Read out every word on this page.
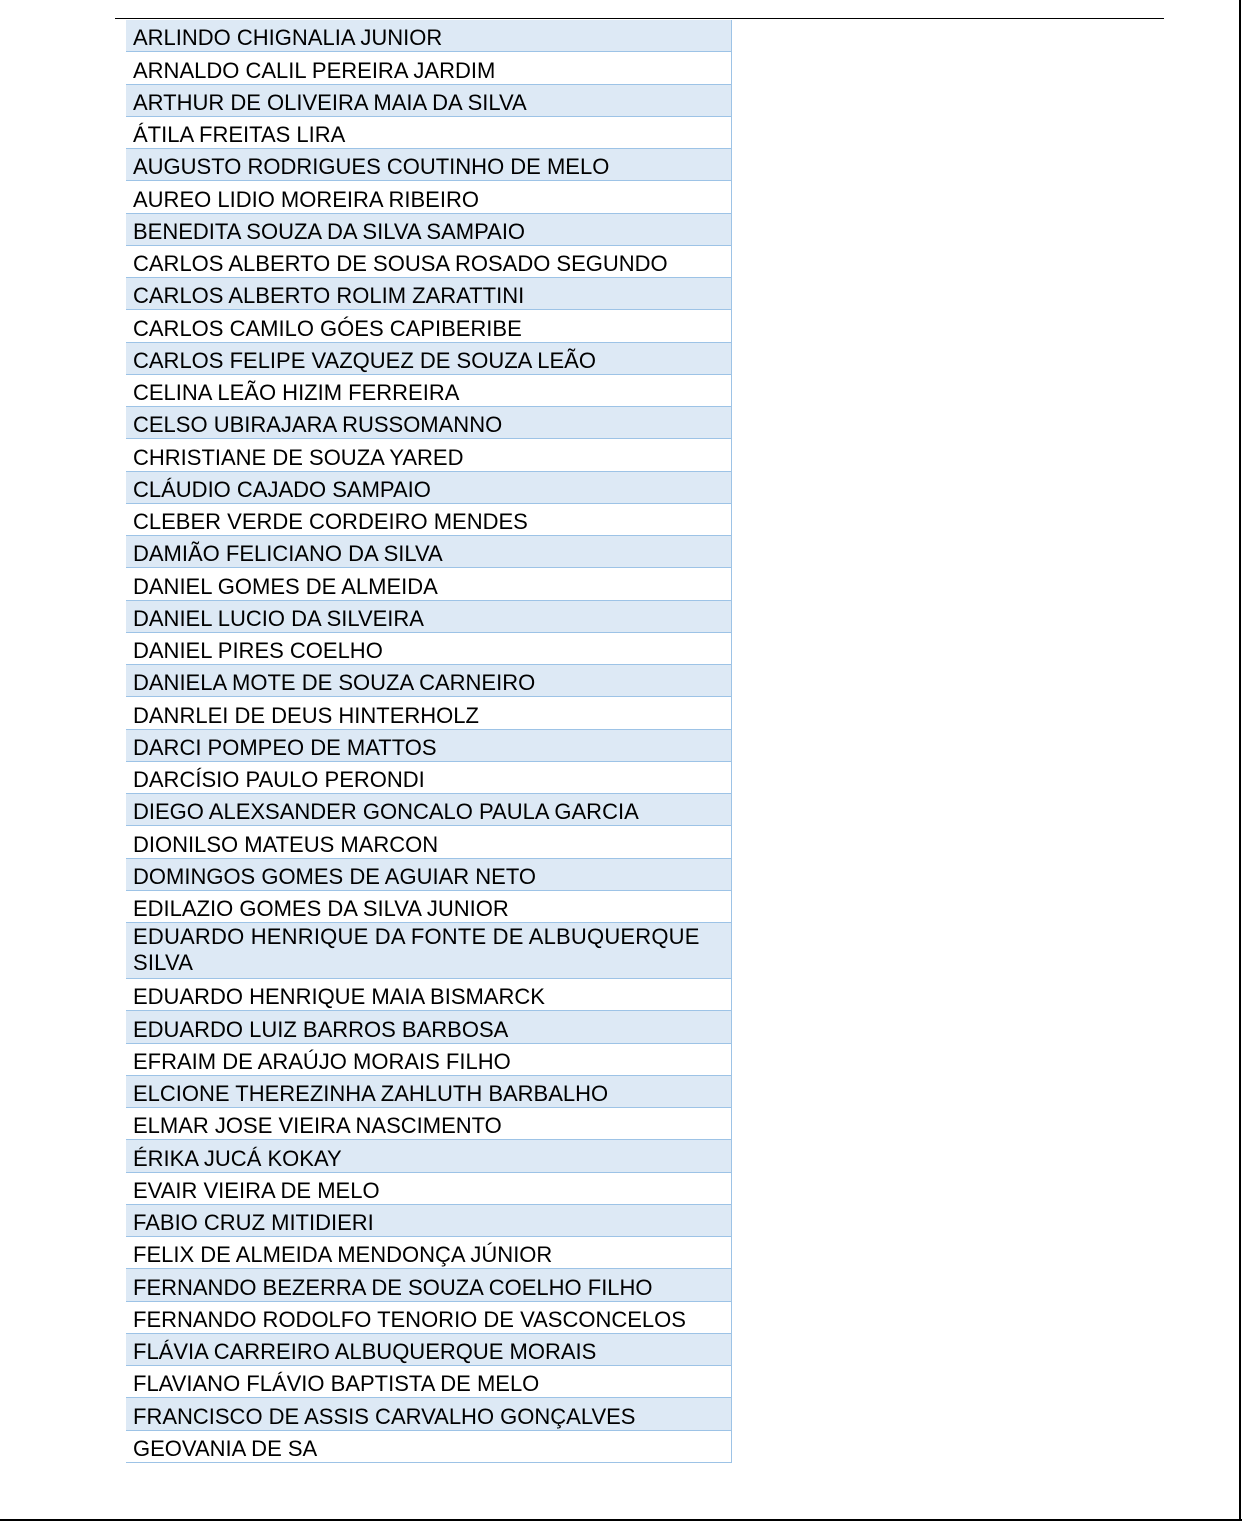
ARLINDO CHIGNALIA JUNIOR
ARNALDO CALIL PEREIRA JARDIM
ARTHUR DE OLIVEIRA MAIA DA SILVA
ÁTILA FREITAS LIRA
AUGUSTO RODRIGUES COUTINHO DE MELO
AUREO LIDIO MOREIRA RIBEIRO
BENEDITA SOUZA DA SILVA SAMPAIO
CARLOS ALBERTO DE SOUSA ROSADO SEGUNDO
CARLOS ALBERTO ROLIM ZARATTINI
CARLOS CAMILO GÓES CAPIBERIBE
CARLOS FELIPE VAZQUEZ DE SOUZA LEÃO
CELINA LEÃO HIZIM FERREIRA
CELSO UBIRAJARA RUSSOMANNO
CHRISTIANE DE SOUZA YARED
CLÁUDIO CAJADO SAMPAIO
CLEBER VERDE CORDEIRO MENDES
DAMIÃO FELICIANO DA SILVA
DANIEL GOMES DE ALMEIDA
DANIEL LUCIO DA SILVEIRA
DANIEL PIRES COELHO
DANIELA MOTE DE SOUZA CARNEIRO
DANRLEI DE DEUS HINTERHOLZ
DARCI POMPEO DE MATTOS
DARCÍSIO PAULO PERONDI
DIEGO ALEXSANDER GONCALO PAULA GARCIA
DIONILSO MATEUS MARCON
DOMINGOS GOMES DE AGUIAR NETO
EDILAZIO GOMES DA SILVA JUNIOR
EDUARDO HENRIQUE DA FONTE DE ALBUQUERQUE SILVA
EDUARDO HENRIQUE MAIA BISMARCK
EDUARDO LUIZ BARROS BARBOSA
EFRAIM DE ARAÚJO MORAIS FILHO
ELCIONE THEREZINHA ZAHLUTH BARBALHO
ELMAR JOSE VIEIRA NASCIMENTO
ÉRIKA JUCÁ KOKAY
EVAIR VIEIRA DE MELO
FABIO CRUZ MITIDIERI
FELIX DE ALMEIDA MENDONÇA JÚNIOR
FERNANDO BEZERRA DE SOUZA COELHO FILHO
FERNANDO RODOLFO TENORIO DE VASCONCELOS
FLÁVIA CARREIRO ALBUQUERQUE MORAIS
FLAVIANO FLÁVIO BAPTISTA DE MELO
FRANCISCO DE ASSIS CARVALHO GONÇALVES
GEOVANIA DE SA
